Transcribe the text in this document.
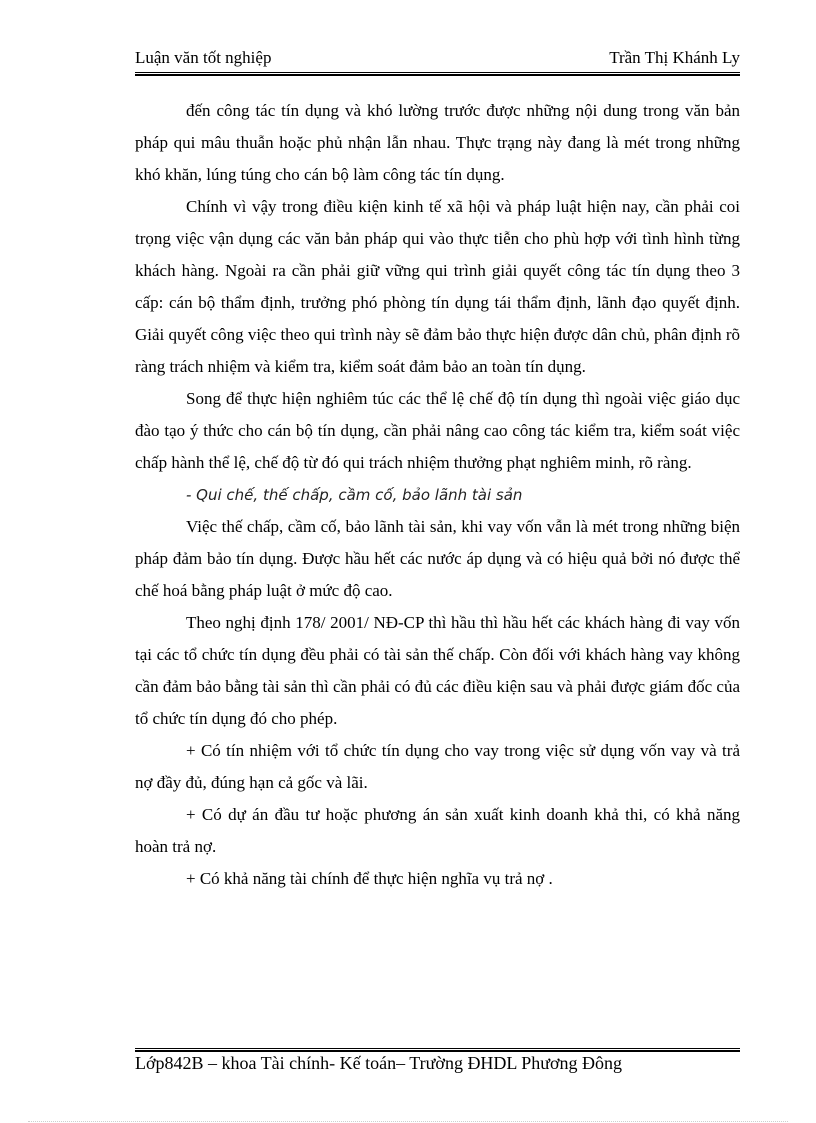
Luận văn tốt nghiệp	Trần Thị Khánh Ly

đến công tác tín dụng và khó lường trước được những nội dung trong văn bản pháp qui mâu thuẫn hoặc phủ nhận lẫn nhau. Thực trạng này đang là mét trong những khó khăn, lúng túng cho cán bộ làm công tác tín dụng.

Chính vì vậy trong điều kiện kinh tế xã hội và pháp luật hiện nay, cần phải coi trọng việc vận dụng các văn bản pháp qui vào thực tiễn cho phù hợp với tình hình từng khách hàng. Ngoài ra cần phải giữ vững qui trình giải quyết công tác tín dụng theo 3 cấp: cán bộ thẩm định, trưởng phó phòng tín dụng tái thẩm định, lãnh đạo quyết định. Giải quyết công việc theo qui trình này sẽ đảm bảo thực hiện được dân chủ, phân định rõ ràng trách nhiệm và kiểm tra, kiểm soát đảm bảo an toàn tín dụng.

Song để thực hiện nghiêm túc các thể lệ chế độ tín dụng thì ngoài việc giáo dục đào tạo ý thức cho cán bộ tín dụng, cần phải nâng cao công tác kiểm tra, kiểm soát việc chấp hành thể lệ, chế độ từ đó qui trách nhiệm thưởng phạt nghiêm minh, rõ ràng.

- Qui chế, thế chấp, cầm cố, bảo lãnh tài sản

Việc thế chấp, cầm cố, bảo lãnh tài sản, khi vay vốn vẫn là mét trong những biện pháp đảm bảo tín dụng. Được hầu hết các nước áp dụng và có hiệu quả bởi nó được thể chế hoá bằng pháp luật ở mức độ cao.

Theo nghị định 178/ 2001/ NĐ-CP thì hầu thì hầu hết các khách hàng đi vay vốn tại các tổ chức tín dụng đều phải có tài sản thế chấp. Còn đối với khách hàng vay không cần đảm bảo bằng tài sản thì cần phải có đủ các điều kiện sau và phải được giám đốc của tổ chức tín dụng đó cho phép.

+ Có tín nhiệm với tổ chức tín dụng cho vay trong việc sử dụng vốn vay và trả nợ đầy đủ, đúng hạn cả gốc và lãi.

+ Có dự án đầu tư hoặc phương án sản xuất kinh doanh khả thi, có khả năng hoàn trả nợ.

+ Có khả năng tài chính để thực hiện nghĩa vụ trả nợ .

Lớp842B – khoa Tài chính- Kế toán– Trường ĐHDL Phương Đông
